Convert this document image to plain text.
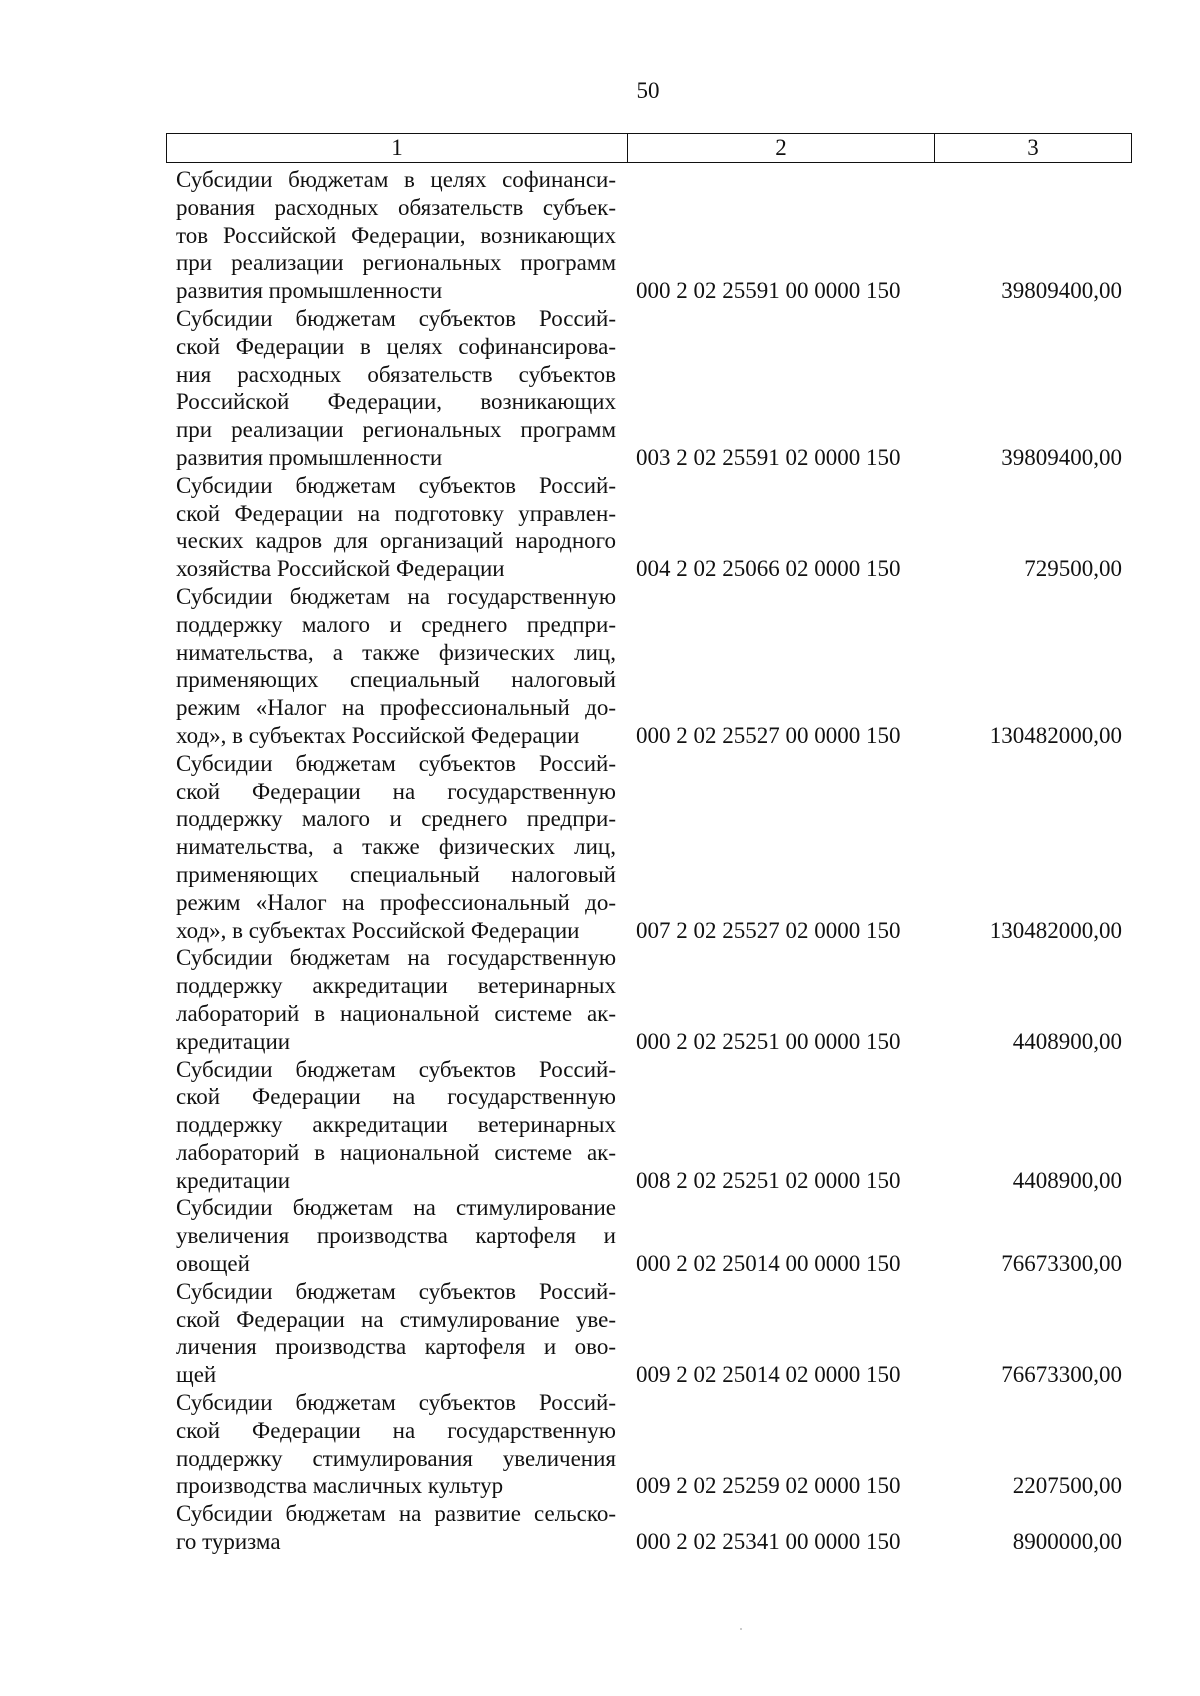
50
1	2	3
Субсидии бюджетам в целях софинанси-
рования расходных обязательств субъек-
тов Российской Федерации, возникающих
при реализации региональных программ
развития промышленности	000 2 02 25591 00 0000 150	39809400,00
Субсидии бюджетам субъектов Россий-
ской Федерации в целях софинансирова-
ния расходных обязательств субъектов
Российской Федерации, возникающих
при реализации региональных программ
развития промышленности	003 2 02 25591 02 0000 150	39809400,00
Субсидии бюджетам субъектов Россий-
ской Федерации на подготовку управлен-
ческих кадров для организаций народного
хозяйства Российской Федерации	004 2 02 25066 02 0000 150	729500,00
Субсидии бюджетам на государственную
поддержку малого и среднего предпри-
нимательства, а также физических лиц,
применяющих специальный налоговый
режим «Налог на профессиональный до-
ход», в субъектах Российской Федерации	000 2 02 25527 00 0000 150	130482000,00
Субсидии бюджетам субъектов Россий-
ской Федерации на государственную
поддержку малого и среднего предпри-
нимательства, а также физических лиц,
применяющих специальный налоговый
режим «Налог на профессиональный до-
ход», в субъектах Российской Федерации	007 2 02 25527 02 0000 150	130482000,00
Субсидии бюджетам на государственную
поддержку аккредитации ветеринарных
лабораторий в национальной системе ак-
кредитации	000 2 02 25251 00 0000 150	4408900,00
Субсидии бюджетам субъектов Россий-
ской Федерации на государственную
поддержку аккредитации ветеринарных
лабораторий в национальной системе ак-
кредитации	008 2 02 25251 02 0000 150	4408900,00
Субсидии бюджетам на стимулирование
увеличения производства картофеля и
овощей	000 2 02 25014 00 0000 150	76673300,00
Субсидии бюджетам субъектов Россий-
ской Федерации на стимулирование уве-
личения производства картофеля и ово-
щей	009 2 02 25014 02 0000 150	76673300,00
Субсидии бюджетам субъектов Россий-
ской Федерации на государственную
поддержку стимулирования увеличения
производства масличных культур	009 2 02 25259 02 0000 150	2207500,00
Субсидии бюджетам на развитие сельско-
го туризма	000 2 02 25341 00 0000 150	8900000,00
